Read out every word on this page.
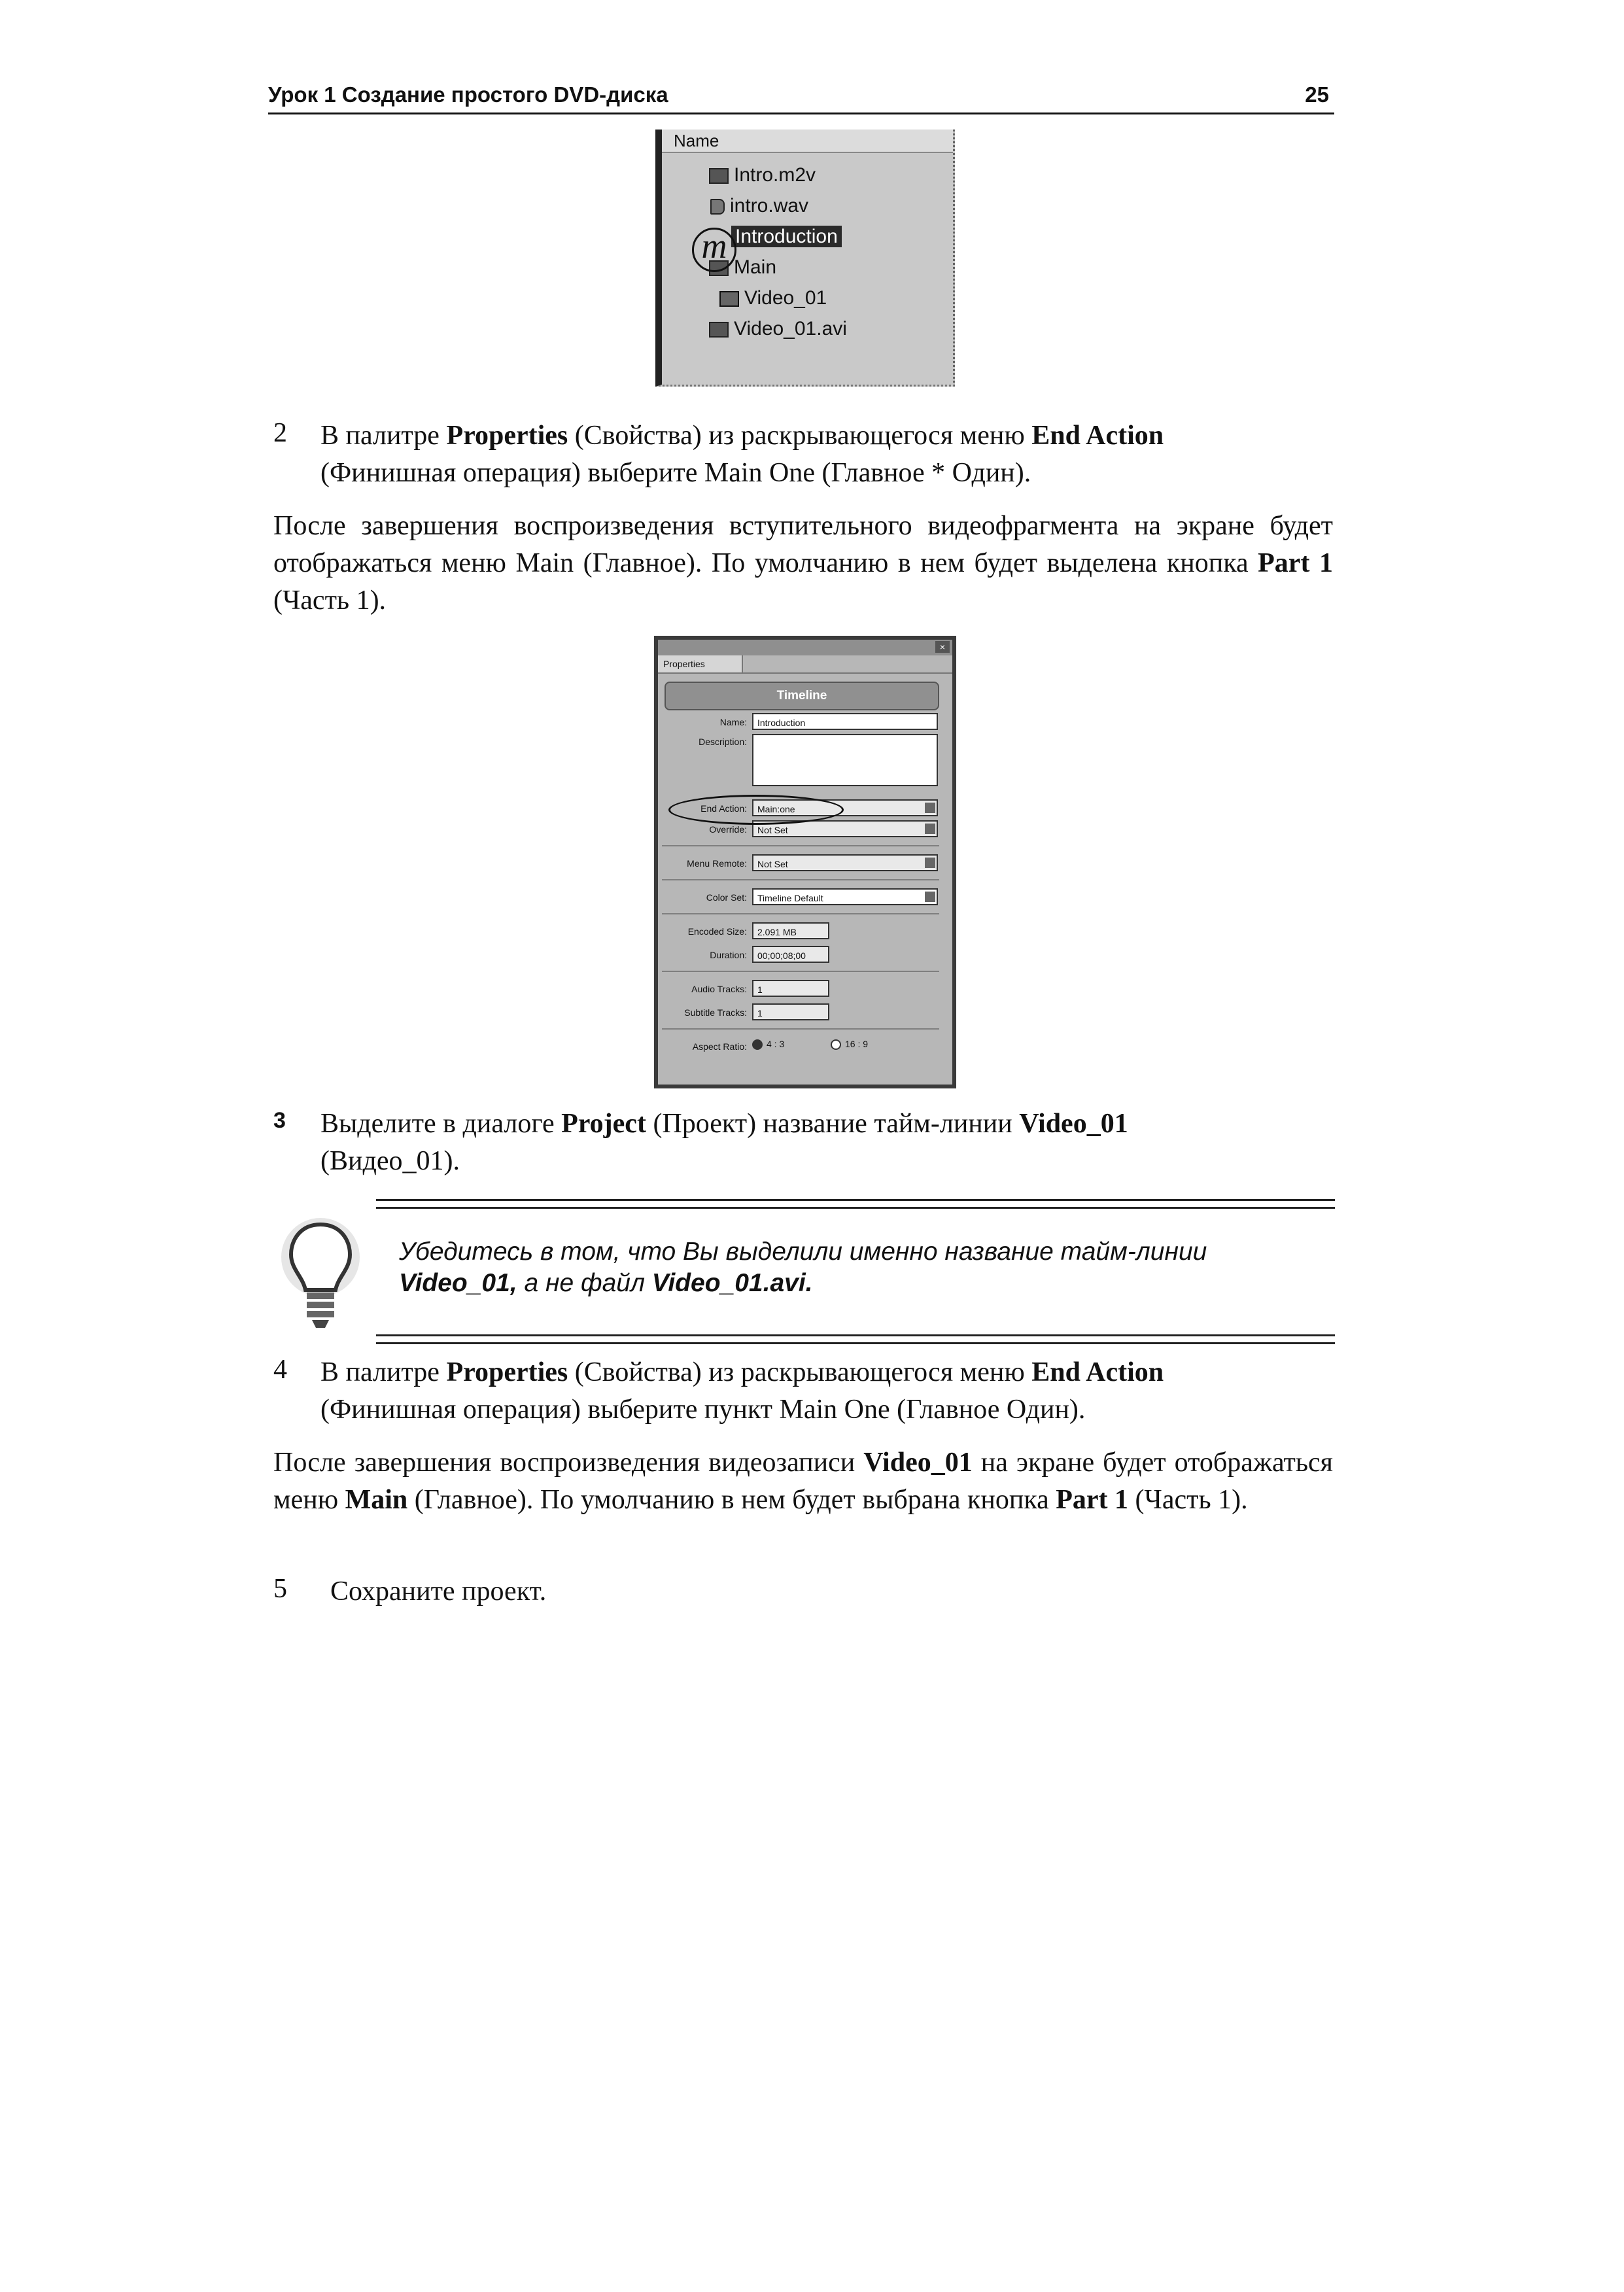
Урок 1 Создание простого DVD-диска	25
Name
Intro.m2v
intro.wav
Introduction
Main
Video_01
Video_01.avi
m
2 В палитре Properties (Свойства) из раскрывающегося меню End Action
(Финишная операция) выберите Main One (Главное * Один).
После завершения воспроизведения вступительного видеофрагмента на экране будет отображаться меню Main (Главное). По умолчанию в нем будет выделена кнопка Part 1 (Часть 1).
×
Properties
Timeline
Name:	Introduction
Description:
End Action:	Main:one
Override:	Not Set
Menu Remote:	Not Set
Color Set:	Timeline Default
Encoded Size:	2.091 MB
Duration:	00;00;08;00
Audio Tracks:	1
Subtitle Tracks:	1
Aspect Ratio:	4 : 3	16 : 9
3 Выделите в диалоге Project (Проект) название тайм-линии Video_01
(Видео_01).
Убедитесь в том, что Вы выделили именно название тайм-линии
Video_01, а не файл Video_01.avi.
4 В палитре Properties (Свойства) из раскрывающегося меню End Action
(Финишная операция) выберите пункт Main One (Главное Один).
После завершения воспроизведения видеозаписи Video_01 на экране будет отображаться меню Main (Главное). По умолчанию в нем будет выбрана кнопка Part 1 (Часть 1).
5 Сохраните проект.
